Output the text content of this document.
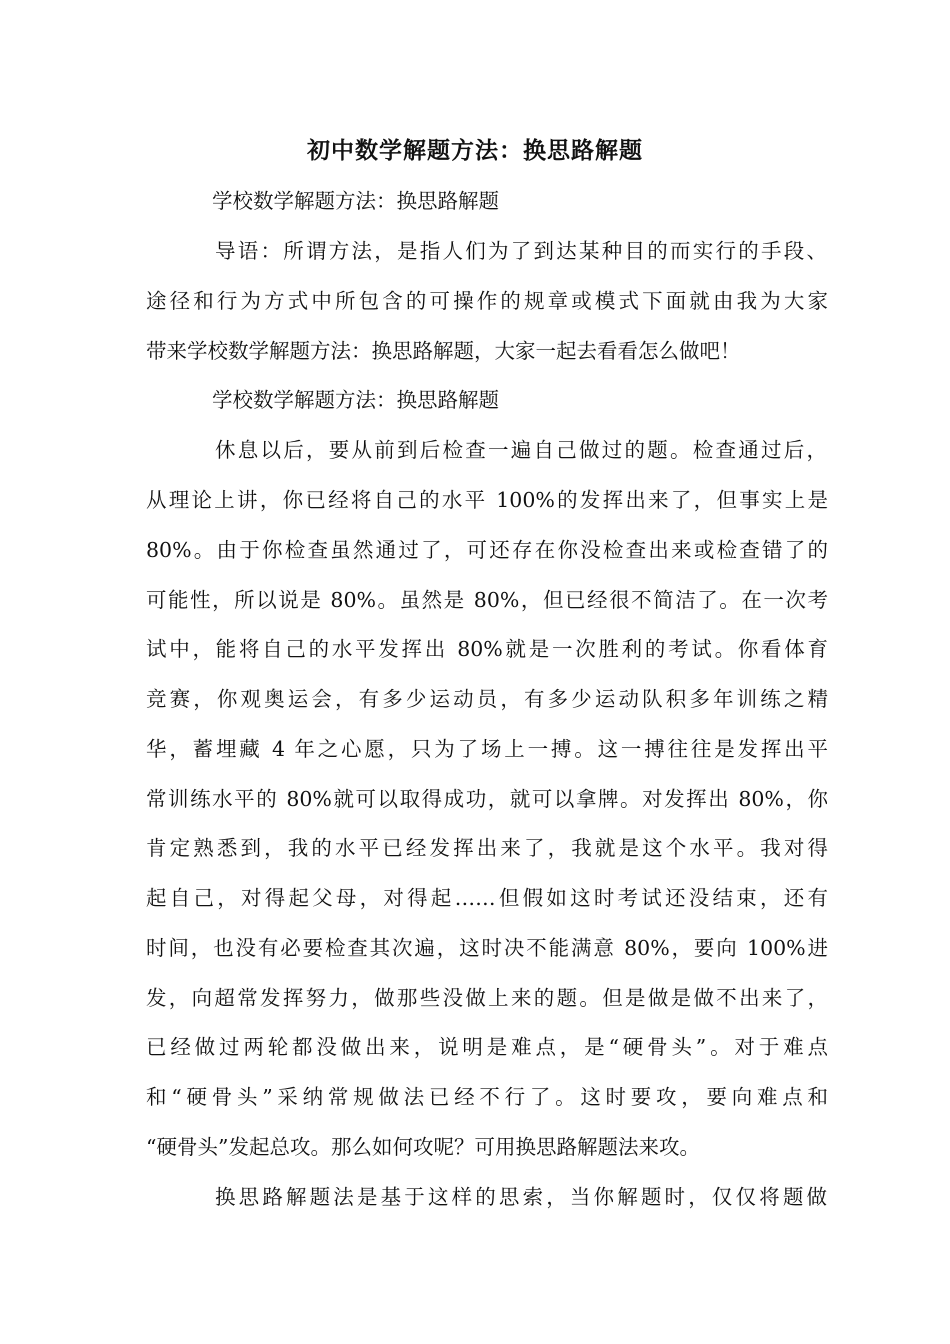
初中数学解题方法：换思路解题
学校数学解题方法：换思路解题
导语：所谓方法，是指人们为了到达某种目的而实行的手段、
途径和行为方式中所包含的可操作的规章或模式下面就由我为大家
带来学校数学解题方法：换思路解题，大家一起去看看怎么做吧！
学校数学解题方法：换思路解题
休息以后，要从前到后检查一遍自己做过的题。检查通过后，
从理论上讲，你已经将自己的水平 100%的发挥出来了，但事实上是
80%。由于你检查虽然通过了，可还存在你没检查出来或检查错了的
可能性，所以说是 80%。虽然是 80%，但已经很不简洁了。在一次考
试中，能将自己的水平发挥出 80%就是一次胜利的考试。你看体育
竞赛，你观奥运会，有多少运动员，有多少运动队积多年训练之精
华，蓄埋藏 4 年之心愿，只为了场上一搏。这一搏往往是发挥出平
常训练水平的 80%就可以取得成功，就可以拿牌。对发挥出 80%，你
肯定熟悉到，我的水平已经发挥出来了，我就是这个水平。我对得
起自己，对得起父母，对得起……但假如这时考试还没结束，还有
时间，也没有必要检查其次遍，这时决不能满意 80%，要向 100%进
发，向超常发挥努力，做那些没做上来的题。但是做是做不出来了，
已经做过两轮都没做出来，说明是难点，是“硬骨头”。对于难点
和“硬骨头”采纳常规做法已经不行了。这时要攻，要向难点和
“硬骨头”发起总攻。那么如何攻呢？可用换思路解题法来攻。
换思路解题法是基于这样的思索，当你解题时，仅仅将题做
